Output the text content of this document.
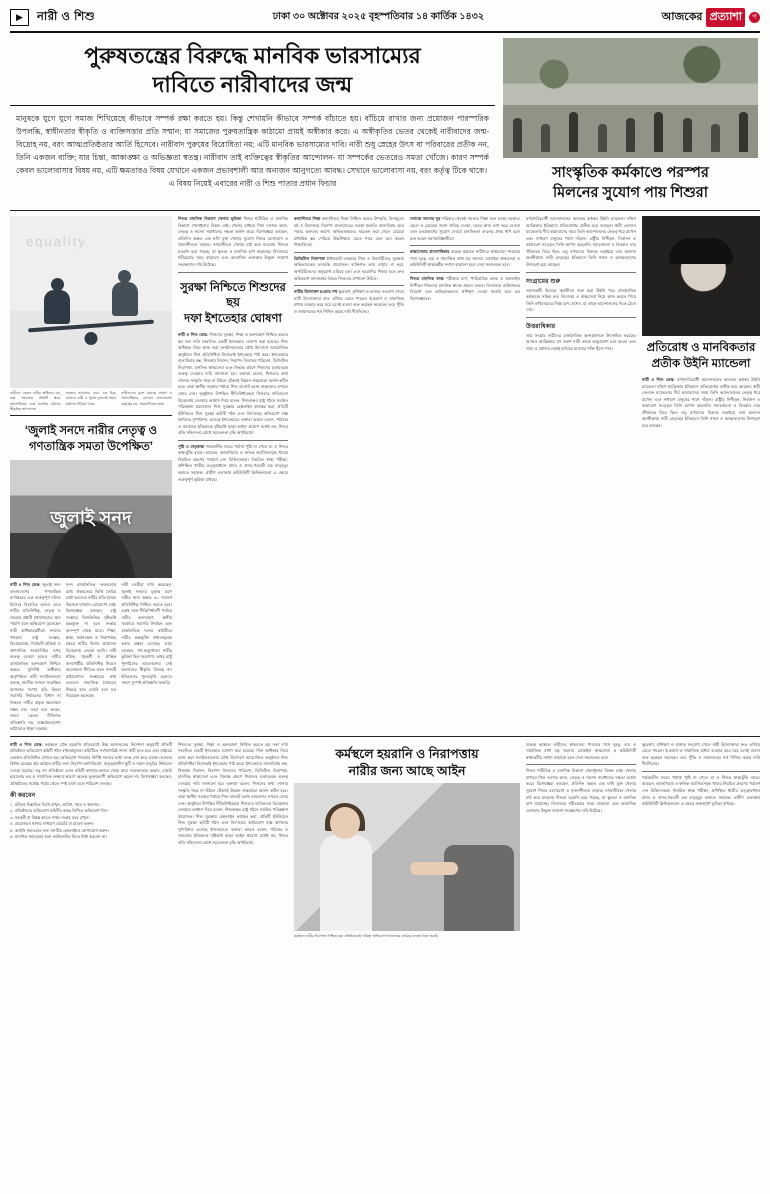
▶	নারী ও শিশু	ঢাকা ৩০ অক্টোবর ২০২৫ বৃহস্পতিবার ১৪ কার্তিক ১৪৩২	আজকের প্রত্যাশা	প
পুরুষতন্ত্রের বিরুদ্ধে মানবিক ভারসাম্যের
দাবিতে নারীবাদের জন্ম
মানুষকে যুগে যুগে সমাজ শিখিয়েছে কীভাবে সম্পর্ক রক্ষা করতে হয়। কিন্তু শেখায়নি কীভাবে সম্পর্ক বাঁচাতে হয়। বাঁচিয়ে রাখার জন্য প্রয়োজন পারস্পরিক উপলব্ধি, স্বাধীনতার স্বীকৃতি ও ব্যক্তিসত্তার প্রতি সম্মান; যা সমাজের পুরুষতান্ত্রিক কাঠামো প্রায়ই অস্বীকার করে। এ অস্বীকৃতির ভেতর থেকেই নারীবাদের জন্ম- বিদ্রোহ নয়, বরং আত্মপ্রতিষ্ঠতার আর্তি হিসেবে। নারীবাদ পুরুষের বিরোধিতা নয়; এটি মানবিক ভারসাম্যের দাবি। নারী শুধু স্নেহের উৎস বা পরিবারের প্রতীক নন, তিনি একজন ব্যক্তি; যার চিন্তা, আকাঙ্ক্ষা ও অভিজ্ঞতা স্বতন্ত্র। নারীবাদ তাই ব্যক্তিত্বের স্বীকৃতির আন্দোলন- যা সম্পর্কের ভেতরেও সমতা খোঁজে। কারণ সম্পর্ক কেবল ভালোবাসার বিষয় নয়, এটি ক্ষমতারও বিষয় যেখানে একজন প্রভাবশালী আর অন্যজন আনুগত্যে আবদ্ধ। সেখানে ভালোবাসা নয়, বরং কর্তৃত্ব টিকে থাকে।
এ বিষয় নিয়েই এবারের নারী ও শিশু পাতার প্রধান ফিচার
সাংস্কৃতিক কর্মকাণ্ডে পরস্পর
মিলনের সুযোগ পায় শিশুরা
equality
নারীবাদ কেবল নারীর অধিকার নয়, বরং সমাজের প্রতিটি স্তরে, সমানাধিকার এবং মানবিক মর্যাদার স্বীকৃতির আন্দোলন
সমতার ভারসাম্য এমন এক চিত্র, যেখানে নারী ও পুরুষ দুজনেই সমান মর্যাদায় দাঁড়িয়ে থাকে
নারীবাদের মূলে রয়েছে সম্মান ও সমানাধিকার, যেখানে ভালোবাসা কর্তৃত্বের নয়, সহযোগিতার ভাষা
‘জুলাই সনদে নারীর নেতৃত্ব ও
গণতান্ত্রিক সমতা উপেক্ষিত’
জুলাই সনদ
নারী ও শিশু ডেস্ক: জুলাই সনদ বাংলাদেশের গণতান্ত্রিক রূপান্তরের এক গুরুত্বপূর্ণ দলিল হিসেবে বিবেচিত হলেও এতে নারীর প্রতিনিধিত্ব, নেতৃত্ব ও সমতার প্রশ্নটি যথাযথভাবে স্থান পায়নি বলে অভিযোগ তুলেছেন নারী অধিকারকর্মীরা। সনদের খসড়ায় রাষ্ট্র সংস্কার, বিচারব্যবস্থা, নির্বাচনী প্রক্রিয়া ও প্রশাসনিক জবাবদিহির ওপর গুরুত্ব দেওয়া হলেও নারীর রাজনৈতিক অংশগ্রহণ নিশ্চিত করতে সুনির্দিষ্ট অঙ্গীকার অনুপস্থিত। নারী সংগঠনগুলো বলছে, জাতীয় সংসদে সংরক্ষিত আসনের সংখ্যা বৃদ্ধি কিংবা সরাসরি নির্বাচনের বিধান না থাকলে নারীর প্রকৃত ক্ষমতায়ন সম্ভব নয়। তারা মনে করেন, সনদে কেবল নীতিগত প্রতিশ্রুতি নয়, বাস্তবায়নযোগ্য কাঠামোও থাকা দরকার।
সনদ রাজনৈতিক দলগুলোর মধ্যে ঐকমত্যের ভিত্তি তৈরির চেষ্টা করলেও নারীর প্রতি বৈষম্য নিরসনে দৃশ্যমান রোডম্যাপ নেই। বিশেষজ্ঞরা বলছেন, রাষ্ট্র সংস্কারে লিঙ্গভিত্তিক দৃষ্টিভঙ্গি অন্তর্ভুক্ত না হলে সংস্কার অসম্পূর্ণ থেকে যাবে। শিক্ষা, স্বাস্থ্য, কর্মসংস্থান ও নিরাপত্তার ক্ষেত্রে নারীর বিশেষ প্রয়োজন বিবেচনায় নেওয়া হয়নি। নারী শ্রমিক, গৃহকর্মী ও প্রান্তিক জনগোষ্ঠীর প্রতিনিধিত্ব নিয়েও আলোচনা সীমিত। ফলে সনদটি কাঠামোগত সংস্কারের কথা বললেও সামাজিক বৈষম্যের শিকড়ে হাত দেয়নি বলে মত দিয়েছেন অনেকে।
নারী নেত্রীরা দাবি করেছেন, জুলাই সনদের চূড়ান্ত রূপে নারীর জন্য অন্তত ৩০ শতাংশ প্রতিনিধিত্ব নিশ্চিত করতে হবে। একই সঙ্গে নীতিনির্ধারণী পর্যায়ে নারীর অংশগ্রহণ, স্থানীয় সরকারে সরাসরি নির্বাচন এবং রাজনৈতিক দলের কমিটিতে নারীর অন্তর্ভুক্তি বাধ্যতামূলক করার প্রস্তাব এসেছে। তারা বলছেন, গণ-অভ্যুত্থানে নারীর ভূমিকা ছিল অগ্রগণ্য; অথচ রাষ্ট্র পুনর্গঠনের আলোচনায় সেই অবদানের স্বীকৃতি মিলছে না। ইতিহাসের পুনরাবৃত্তি এড়াতে সনদে সুস্পষ্ট প্রতিশ্রুতি জরুরি।
শিশুর মানসিক বিকাশে খেলার ভূমিকা শিশুর শারীরিক ও মানসিক বিকাশে খেলাধুলার বিকল্প নেই। খেলার মাধ্যমে শিশু দলগত কাজ, নেতৃত্ব ও সমস্যা সমাধানের দক্ষতা অর্জন করে। বিশেষজ্ঞরা বলছেন, প্রতিদিন অন্তত এক ঘণ্টা মুক্ত খেলার সুযোগ শিশুর মনোযোগ ও সৃজনশীলতা বাড়ায়। নগরজীবনে খেলার মাঠ কমে যাওয়ায় শিশুরা ঘরবন্দি হয়ে পড়ছে, যা স্থূলতা ও মানসিক চাপ বাড়াচ্ছে। বিদ্যালয়ে শরীরচর্চার সময় বাড়ানো এবং আবাসিক এলাকায় উন্মুক্ত জায়গা সংরক্ষণের দাবি উঠেছে।
সুরক্ষা নিশ্চিতে শিশুদের ছয়
দফা ইশতেহার ঘোষণা
নারী ও শিশু ডেস্ক: শিশুদের সুরক্ষা, শিক্ষা ও অংশগ্রহণ নিশ্চিত করতে ছয় দফা দাবি সংবলিত একটি ইশতেহার ঘোষণা করা হয়েছে। শিশু অধিকার নিয়ে কাজ করা সংগঠনগুলোর যৌথ উদ্যোগে আয়োজিত অনুষ্ঠানে শিশু প্রতিনিধিরা নিজেরাই ইশতেহার পাঠ করে। ইশতেহারে বাল্যবিবাহ বন্ধ, শিশুশ্রম নিরসন, নিরাপদ বিদ্যালয় পরিবেশ, ডিজিটাল নিরাপত্তা, মানসিক স্বাস্থ্যসেবা এবং সিদ্ধান্ত গ্রহণে শিশুদের মতামতকে গুরুত্ব দেওয়ার দাবি জানানো হয়। বক্তারা বলেন, শিশুদের কথা শোনার সংস্কৃতি গড়ে না উঠলে টেকসই উন্নয়ন লক্ষ্যমাত্রা অর্জন কঠিন হবে। তারা স্থানীয় সরকার পর্যায়ে শিশু বাজেট বরাদ্দ বাড়ানোর ওপরও জোর দেন। অনুষ্ঠানে উপস্থিত নীতিনির্ধারকরা শিশুদের দাবিগুলো বিবেচনায় নেওয়ার আশ্বাস দিয়ে বলেন, শিশুবান্ধব রাষ্ট্র গঠনে সমন্বিত পরিকল্পনা প্রয়োজন। শিশু সুরক্ষায় হেল্পলাইন কার্যকর করা, প্রতিটি ইউনিয়নে শিশু সুরক্ষা কমিটি গঠন এবং বিদ্যালয়ে অভিযোগ বাক্স স্থাপনের সুপারিশও এসেছে ইশতেহারে। বক্তারা আরও বলেন, পরিবার ও সমাজের ইতিবাচক দৃষ্টিভঙ্গি ছাড়া আইন প্রয়োগ যথেষ্ট নয়; শিশুর প্রতি সহিংসতা রোধে সচেতনতা বৃদ্ধি অপরিহার্য।
পুষ্টি ও মাতৃস্বাস্থ্য গর্ভকালীন সময়ে পর্যাপ্ত পুষ্টি না পেলে মা ও শিশুর স্বাস্থ্যঝুঁকি বাড়ে। আয়রন, ক্যালসিয়াম ও ফলিক অ্যাসিডসমৃদ্ধ খাবার নিয়মিত গ্রহণের পরামর্শ দেন চিকিৎসকরা। নিয়মিত স্বাস্থ্য পরীক্ষা, প্রশিক্ষিত ধাত্রীর তত্ত্বাবধানে প্রসব ও প্রসব-পরবর্তী যত্ন মাতৃমৃত্যু কমাতে সহায়ক। গ্রামীণ এলাকায় কমিউনিটি ক্লিনিকগুলো এ ক্ষেত্রে গুরুত্বপূর্ণ ভূমিকা রাখছে।
কন্যাশিশুর শিক্ষা কন্যাশিশুর শিক্ষা নিশ্চিত করতে উপবৃত্তি, বিনামূল্যে বই ও বিদ্যালয়ে নিরাপদ যাতায়াতের ব্যবস্থা জরুরি। বাল্যবিবাহ ঝরে পড়ার অন্যতম কারণ। অভিভাবকদের সচেতন করা গেলে মেয়েরা মাধ্যমিক স্তর পেরিয়ে উচ্চশিক্ষায় যেতে পারে বলে মনে করেন শিক্ষাবিদরা।
ডিজিটাল নিরাপত্তা ইন্টারনেট ব্যবহারে শিশু ও কিশোরীদের সুরক্ষায় অভিভাবকের তদারকি প্রয়োজন। ব্যক্তিগত তথ্য শেয়ার না করা, অপরিচিতদের অনুরোধ এড়িয়ে চলা এবং হয়রানির শিকার হলে দ্রুত অভিযোগ জানানোর বিষয়ে শিশুদের শেখানো উচিত।
নারীর উদ্যোক্তা হওয়ার পথ ক্ষুদ্রঋণ, প্রশিক্ষণ ও বাজার সংযোগ পেলে নারী উদ্যোক্তারা দ্রুত এগিয়ে যেতে পারেন। ই-কমার্স ও সামাজিক মাধ্যম ব্যবহার করে ঘরে বসেই ব্যবসা শুরু করছেন অনেকে। তবে পুঁজি ও জামানতের শর্ত শিথিল করার দাবি দীর্ঘদিনের।
সমাজে বদলের সুর পরিবার থেকেই সমতার শিক্ষা শুরু হওয়া দরকার। ছেলে ও মেয়েকে সমান দায়িত্ব দেওয়া, ঘরের কাজ ভাগ করে নেওয়া এবং মতপ্রকাশের সুযোগ দেওয়া মানসিকতা বদলের প্রথম ধাপ বলে মনে করেন সমাজবিজ্ঞানীরা।
স্বাস্থ্যসেবায় প্রবেশাধিকার প্রত্যন্ত অঞ্চলে নারীদের স্বাস্থ্যসেবা পাওয়ার পথে দূরত্ব, ব্যয় ও সামাজিক বাধা বড় সমস্যা। মোবাইল স্বাস্থ্যসেবা ও কমিউনিটি স্বাস্থ্যকর্মীর সংখ্যা বাড়ানো হলে সেবা সহজলভ্য হবে।
শিশুর মানসিক স্বাস্থ্য পরীক্ষার চাপ, পারিবারিক কলহ ও অনলাইন নিপীড়ন শিশুদের মানসিক স্বাস্থ্যে প্রভাব ফেলে। বিদ্যালয়ে কাউন্সেলর নিয়োগ এবং অভিভাবকদের প্রশিক্ষণ দেওয়া জরুরি বলে মত বিশেষজ্ঞদের।
বর্ণবাদবিরোধী আন্দোলনের অন্যতম কণ্ঠস্বর উইনি ম্যান্ডেলা দক্ষিণ আফ্রিকার ইতিহাসে প্রতিরোধের প্রতীক হয়ে আছেন। স্বামী নেলসন ম্যান্ডেলার দীর্ঘ কারাবাসের সময় তিনি আন্দোলনের নেতৃত্ব ধরে রাখেন এবং সাধারণ মানুষের পাশে দাঁড়ান। রাষ্ট্রীয় নিপীড়ন, নির্বাসন ও কারাবরণ সত্ত্বেও তিনি আপস করেননি। সমালোচনা ও বিতর্কও তার জীবনকে ঘিরে ছিল; তবু বর্ণবাদের বিরুদ্ধে লড়াইয়ে তার অবদান অনস্বীকার্য। নারী নেতৃত্বের ইতিহাসে তিনি সাহস ও আত্মত্যাগের উদাহরণ হয়ে আছেন।
সংগ্রামের শুরু
সমাজকর্মী হিসেবে কর্মজীবন শুরু করা উইনি পরে রাজনৈতিক কর্মকাণ্ডে সক্রিয় হন। বিদ্যালয় ও স্বাস্থ্যসেবা নিয়ে কাজ করতে গিয়ে তিনি বর্ণবৈষম্যের নির্মম রূপ দেখেন, যা তাকে আন্দোলনের দিকে ঠেলে দেয়।
উত্তরাধিকার
তার সংগ্রাম নারীদের রাজনৈতিক অংশগ্রহণকে উৎসাহিত করেছে। আজও আফ্রিকার বহু তরুণ নারী তাকে অনুপ্রেরণা মনে করেন এবং সাম্য ও মর্যাদার লড়াই চালিয়ে যাওয়ার শক্তি খুঁজে পান।	প্রতিরোধ ও মানবিকতার
প্রতীক উইনি ম্যান্ডেলা
নারী ও শিশু ডেস্ক: বর্ণবাদবিরোধী আন্দোলনের অন্যতম কণ্ঠস্বর উইনি ম্যান্ডেলা দক্ষিণ আফ্রিকার ইতিহাসে প্রতিরোধের প্রতীক হয়ে আছেন। স্বামী নেলসন ম্যান্ডেলার দীর্ঘ কারাবাসের সময় তিনি আন্দোলনের নেতৃত্ব ধরে রাখেন এবং সাধারণ মানুষের পাশে দাঁড়ান। রাষ্ট্রীয় নিপীড়ন, নির্বাসন ও কারাবরণ সত্ত্বেও তিনি আপস করেননি। সমালোচনা ও বিতর্কও তার জীবনকে ঘিরে ছিল; তবু বর্ণবাদের বিরুদ্ধে লড়াইয়ে তার অবদান অনস্বীকার্য। নারী নেতৃত্বের ইতিহাসে তিনি সাহস ও আত্মত্যাগের উদাহরণ হয়ে আছেন।
নারী ও শিশু ডেস্ক: কর্মস্থলে যৌন হয়রানি প্রতিরোধে উচ্চ আদালতের নির্দেশনা অনুযায়ী প্রতিটি প্রতিষ্ঠানে অভিযোগ কমিটি গঠন বাধ্যতামূলক। কমিটিতে সংখ্যাগরিষ্ঠ সদস্য নারী হতে হবে এবং বাইরের একজন প্রতিনিধিও রাখতে হয়। অভিযোগ পাওয়ার নির্দিষ্ট সময়ের মধ্যে তদন্ত শেষ করে ব্যবস্থা নেওয়ার বিধান রয়েছে। শ্রম আইনে নারীর জন্য নিরাপদ কর্মপরিবেশ, মাতৃত্বকালীন ছুটি ও সমান মজুরির নিশ্চয়তা দেওয়া হয়েছে। তবু বহু প্রতিষ্ঠানে এসব কমিটি কাগজে-কলমে থেকে যায়। সচেতনতার অভাব, চাকরি হারানোর ভয় ও সামাজিক লজ্জার কারণে অনেক ভুক্তভোগী অভিযোগ করেন না। বিশেষজ্ঞরা বলছেন, প্রতিষ্ঠানের সর্বোচ্চ পর্যায় থেকে স্পষ্ট বার্তা এলে পরিবেশ বদলায়।
কী করবেন
১. ঘটনার বিস্তারিত লিখে রাখুন- তারিখ, সময় ও স্থানসহ।
২. প্রতিষ্ঠানের অভিযোগ কমিটির কাছে লিখিত অভিযোগ দিন।
৩. সহকর্মী বা বিশ্বস্ত কারও সাক্ষ্য সংগ্রহ করে রাখুন।
৪. প্রয়োজনে থানায় সাধারণ ডায়েরি বা মামলা করুন।
৫. আইনি সহায়তার জন্য জাতীয় হেল্পলাইনে যোগাযোগ করুন।
৬. মানসিক সহায়তার জন্য কাউন্সেলিং নিতে দ্বিধা করবেন না।
শিশুদের সুরক্ষা, শিক্ষা ও অংশগ্রহণ নিশ্চিত করতে ছয় দফা দাবি সংবলিত একটি ইশতেহার ঘোষণা করা হয়েছে। শিশু অধিকার নিয়ে কাজ করা সংগঠনগুলোর যৌথ উদ্যোগে আয়োজিত অনুষ্ঠানে শিশু প্রতিনিধিরা নিজেরাই ইশতেহার পাঠ করে। ইশতেহারে বাল্যবিবাহ বন্ধ, শিশুশ্রম নিরসন, নিরাপদ বিদ্যালয় পরিবেশ, ডিজিটাল নিরাপত্তা, মানসিক স্বাস্থ্যসেবা এবং সিদ্ধান্ত গ্রহণে শিশুদের মতামতকে গুরুত্ব দেওয়ার দাবি জানানো হয়। বক্তারা বলেন, শিশুদের কথা শোনার সংস্কৃতি গড়ে না উঠলে টেকসই উন্নয়ন লক্ষ্যমাত্রা অর্জন কঠিন হবে। তারা স্থানীয় সরকার পর্যায়ে শিশু বাজেট বরাদ্দ বাড়ানোর ওপরও জোর দেন। অনুষ্ঠানে উপস্থিত নীতিনির্ধারকরা শিশুদের দাবিগুলো বিবেচনায় নেওয়ার আশ্বাস দিয়ে বলেন, শিশুবান্ধব রাষ্ট্র গঠনে সমন্বিত পরিকল্পনা প্রয়োজন। শিশু সুরক্ষায় হেল্পলাইন কার্যকর করা, প্রতিটি ইউনিয়নে শিশু সুরক্ষা কমিটি গঠন এবং বিদ্যালয়ে অভিযোগ বাক্স স্থাপনের সুপারিশও এসেছে ইশতেহারে। বক্তারা আরও বলেন, পরিবার ও সমাজের ইতিবাচক দৃষ্টিভঙ্গি ছাড়া আইন প্রয়োগ যথেষ্ট নয়; শিশুর প্রতি সহিংসতা রোধে সচেতনতা বৃদ্ধি অপরিহার্য।
কর্মস্থলে হয়রানি ও নিরাপত্তায়
নারীর জন্য আছে আইন
কর্মস্থলে নারীর নিরাপত্তা নিশ্চিত করা প্রতিষ্ঠানেরই দায়িত্ব; অভিযোগ জানানোর কার্যকর ব্যবস্থা থাকা জরুরি
প্রত্যন্ত অঞ্চলে নারীদের স্বাস্থ্যসেবা পাওয়ার পথে দূরত্ব, ব্যয় ও সামাজিক বাধা বড় সমস্যা। মোবাইল স্বাস্থ্যসেবা ও কমিউনিটি স্বাস্থ্যকর্মীর সংখ্যা বাড়ানো হলে সেবা সহজলভ্য হবে।
শিশুর শারীরিক ও মানসিক বিকাশে খেলাধুলার বিকল্প নেই। খেলার মাধ্যমে শিশু দলগত কাজ, নেতৃত্ব ও সমস্যা সমাধানের দক্ষতা অর্জন করে। বিশেষজ্ঞরা বলছেন, প্রতিদিন অন্তত এক ঘণ্টা মুক্ত খেলার সুযোগ শিশুর মনোযোগ ও সৃজনশীলতা বাড়ায়। নগরজীবনে খেলার মাঠ কমে যাওয়ায় শিশুরা ঘরবন্দি হয়ে পড়ছে, যা স্থূলতা ও মানসিক চাপ বাড়াচ্ছে। বিদ্যালয়ে শরীরচর্চার সময় বাড়ানো এবং আবাসিক এলাকায় উন্মুক্ত জায়গা সংরক্ষণের দাবি উঠেছে।
ক্ষুদ্রঋণ, প্রশিক্ষণ ও বাজার সংযোগ পেলে নারী উদ্যোক্তারা দ্রুত এগিয়ে যেতে পারেন। ই-কমার্স ও সামাজিক মাধ্যম ব্যবহার করে ঘরে বসেই ব্যবসা শুরু করছেন অনেকে। তবে পুঁজি ও জামানতের শর্ত শিথিল করার দাবি দীর্ঘদিনের।
গর্ভকালীন সময়ে পর্যাপ্ত পুষ্টি না পেলে মা ও শিশুর স্বাস্থ্যঝুঁকি বাড়ে। আয়রন, ক্যালসিয়াম ও ফলিক অ্যাসিডসমৃদ্ধ খাবার নিয়মিত গ্রহণের পরামর্শ দেন চিকিৎসকরা। নিয়মিত স্বাস্থ্য পরীক্ষা, প্রশিক্ষিত ধাত্রীর তত্ত্বাবধানে প্রসব ও প্রসব-পরবর্তী যত্ন মাতৃমৃত্যু কমাতে সহায়ক। গ্রামীণ এলাকায় কমিউনিটি ক্লিনিকগুলো এ ক্ষেত্রে গুরুত্বপূর্ণ ভূমিকা রাখছে।
